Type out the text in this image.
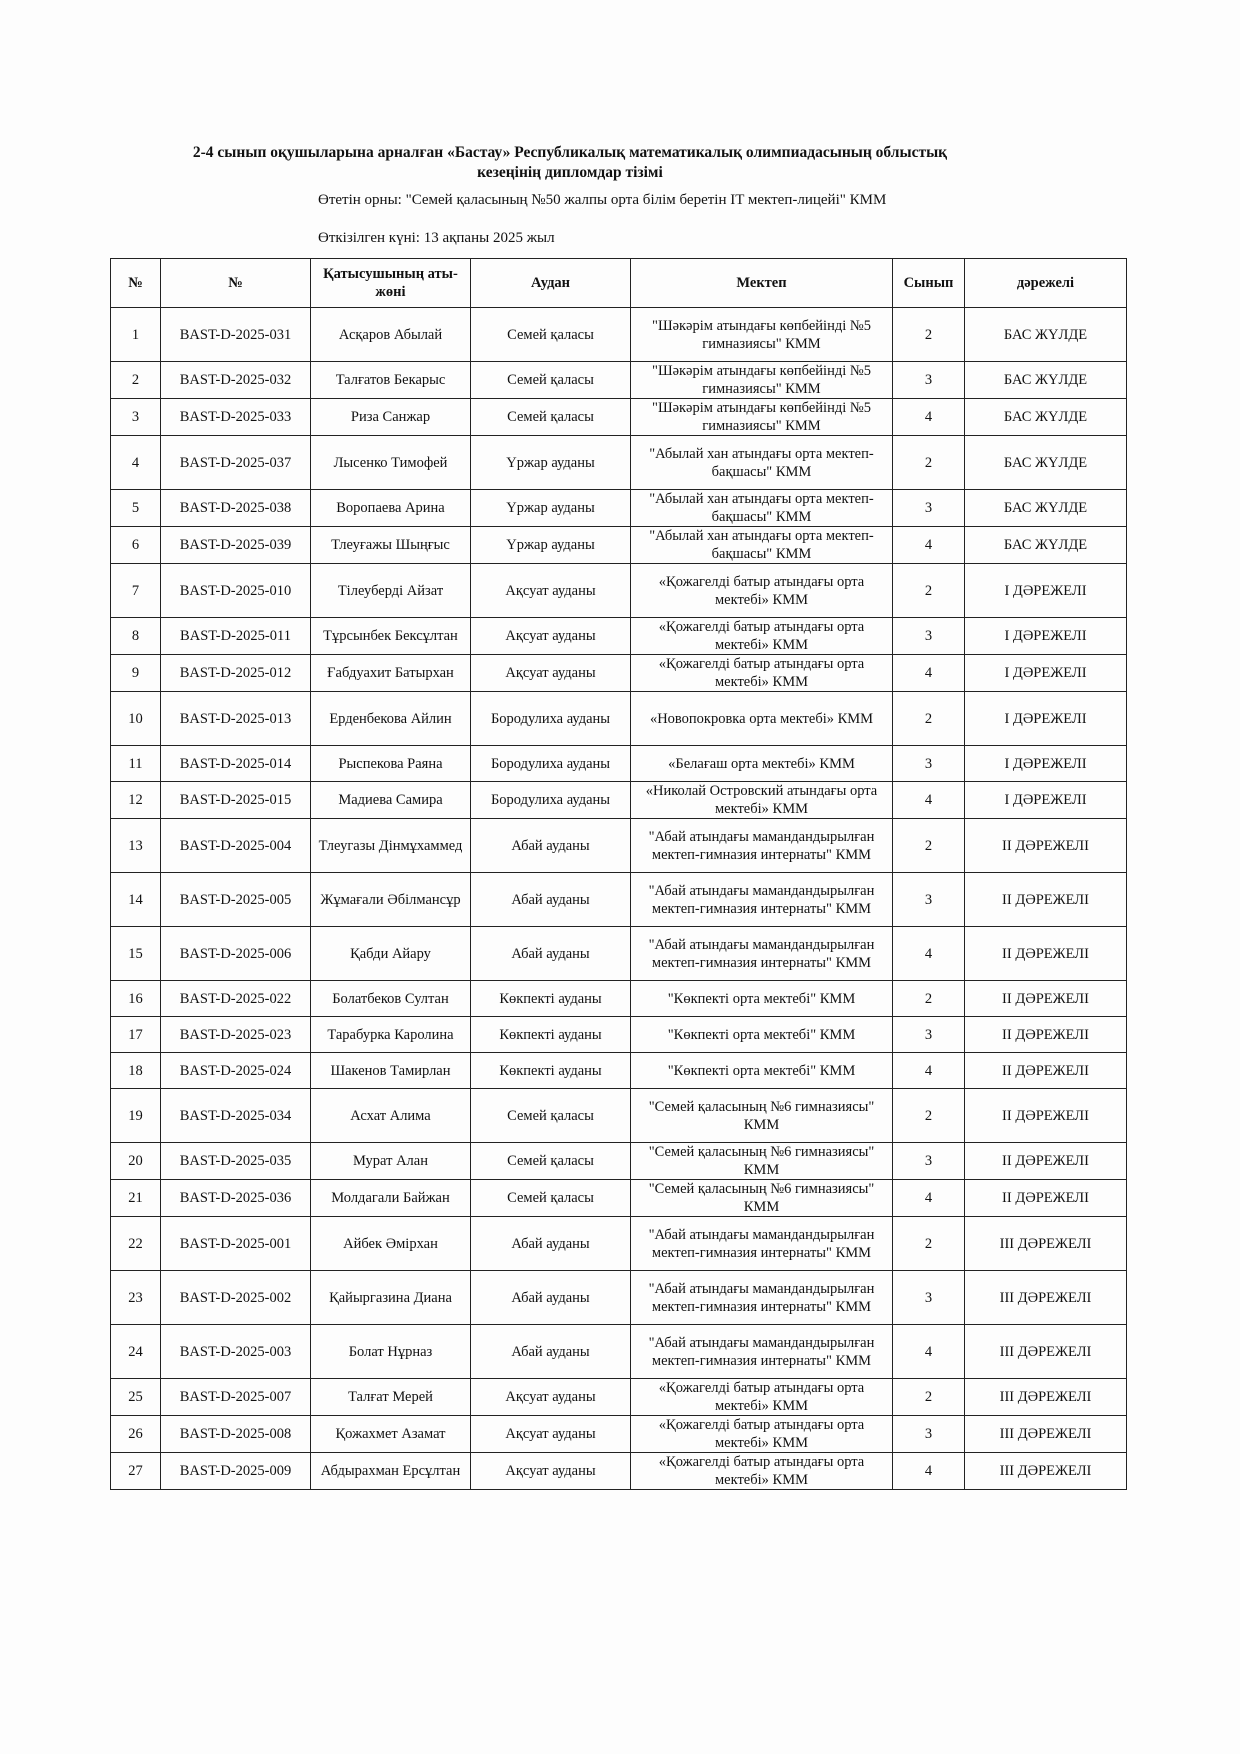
2-4 сынып оқушыларына арналған «Бастау» Республикалық математикалық олимпиадасының облыстық кезеңінің дипломдар тізімі
Өтетін орны: "Семей қаласының №50 жалпы орта білім беретін IT мектеп-лицейі" КММ
Өткізілген күні: 13 ақпаны 2025 жыл
№	№	Қатысушының аты-жөні	Аудан	Мектеп	Сынып	дәрежелі
1	BAST-D-2025-031	Асқаров Абылай	Семей қаласы	"Шәкәрім атындағы көпбейінді №5 гимназиясы" КММ	2	БАС ЖҮЛДЕ
2	BAST-D-2025-032	Талғатов Бекарыс	Семей қаласы	"Шәкәрім атындағы көпбейінді №5 гимназиясы" КММ	3	БАС ЖҮЛДЕ
3	BAST-D-2025-033	Риза Санжар	Семей қаласы	"Шәкәрім атындағы көпбейінді №5 гимназиясы" КММ	4	БАС ЖҮЛДЕ
4	BAST-D-2025-037	Лысенко Тимофей	Үржар ауданы	"Абылай хан атындағы орта мектеп-бақшасы" КММ	2	БАС ЖҮЛДЕ
5	BAST-D-2025-038	Воропаева Арина	Үржар ауданы	"Абылай хан атындағы орта мектеп-бақшасы" КММ	3	БАС ЖҮЛДЕ
6	BAST-D-2025-039	Тлеуғажы Шыңғыс	Үржар ауданы	"Абылай хан атындағы орта мектеп-бақшасы" КММ	4	БАС ЖҮЛДЕ
7	BAST-D-2025-010	Тілеуберді Айзат	Ақсуат ауданы	«Қожагелді батыр атындағы орта мектебі» КММ	2	I ДӘРЕЖЕЛІ
8	BAST-D-2025-011	Тұрсынбек Бексұлтан	Ақсуат ауданы	«Қожагелді батыр атындағы орта мектебі» КММ	3	I ДӘРЕЖЕЛІ
9	BAST-D-2025-012	Ғабдуахит Батырхан	Ақсуат ауданы	«Қожагелді батыр атындағы орта мектебі» КММ	4	I ДӘРЕЖЕЛІ
10	BAST-D-2025-013	Ерденбекова Айлин	Бородулиха ауданы	«Новопокровка орта мектебі» КММ	2	I ДӘРЕЖЕЛІ
11	BAST-D-2025-014	Рыспекова Раяна	Бородулиха ауданы	«Белағаш орта мектебі» КММ	3	I ДӘРЕЖЕЛІ
12	BAST-D-2025-015	Мадиева Самира	Бородулиха ауданы	«Николай Островский атындағы орта мектебі» КММ	4	I ДӘРЕЖЕЛІ
13	BAST-D-2025-004	Тлеугазы Дінмұхаммед	Абай ауданы	"Абай атындағы мамандандырылған мектеп-гимназия интернаты" КММ	2	II ДӘРЕЖЕЛІ
14	BAST-D-2025-005	Жұмағали Әбілмансұр	Абай ауданы	"Абай атындағы мамандандырылған мектеп-гимназия интернаты" КММ	3	II ДӘРЕЖЕЛІ
15	BAST-D-2025-006	Қабди Айару	Абай ауданы	"Абай атындағы мамандандырылған мектеп-гимназия интернаты" КММ	4	II ДӘРЕЖЕЛІ
16	BAST-D-2025-022	Болатбеков Султан	Көкпекті ауданы	"Көкпекті орта мектебі" КММ	2	II ДӘРЕЖЕЛІ
17	BAST-D-2025-023	Тарабурка Каролина	Көкпекті ауданы	"Көкпекті орта мектебі" КММ	3	II ДӘРЕЖЕЛІ
18	BAST-D-2025-024	Шакенов Тамирлан	Көкпекті ауданы	"Көкпекті орта мектебі" КММ	4	II ДӘРЕЖЕЛІ
19	BAST-D-2025-034	Асхат Алима	Семей қаласы	"Семей қаласының №6 гимназиясы" КММ	2	II ДӘРЕЖЕЛІ
20	BAST-D-2025-035	Мурат Алан	Семей қаласы	"Семей қаласының №6 гимназиясы" КММ	3	II ДӘРЕЖЕЛІ
21	BAST-D-2025-036	Молдагали Байжан	Семей қаласы	"Семей қаласының №6 гимназиясы" КММ	4	II ДӘРЕЖЕЛІ
22	BAST-D-2025-001	Айбек Әмірхан	Абай ауданы	"Абай атындағы мамандандырылған мектеп-гимназия интернаты" КММ	2	III ДӘРЕЖЕЛІ
23	BAST-D-2025-002	Қайыргазина Диана	Абай ауданы	"Абай атындағы мамандандырылған мектеп-гимназия интернаты" КММ	3	III ДӘРЕЖЕЛІ
24	BAST-D-2025-003	Болат Нұрназ	Абай ауданы	"Абай атындағы мамандандырылған мектеп-гимназия интернаты" КММ	4	III ДӘРЕЖЕЛІ
25	BAST-D-2025-007	Талғат Мерей	Ақсуат ауданы	«Қожагелді батыр атындағы орта мектебі» КММ	2	III ДӘРЕЖЕЛІ
26	BAST-D-2025-008	Қожахмет Азамат	Ақсуат ауданы	«Қожагелді батыр атындағы орта мектебі» КММ	3	III ДӘРЕЖЕЛІ
27	BAST-D-2025-009	Абдырахман Ерсұлтан	Ақсуат ауданы	«Қожагелді батыр атындағы орта мектебі» КММ	4	III ДӘРЕЖЕЛІ
